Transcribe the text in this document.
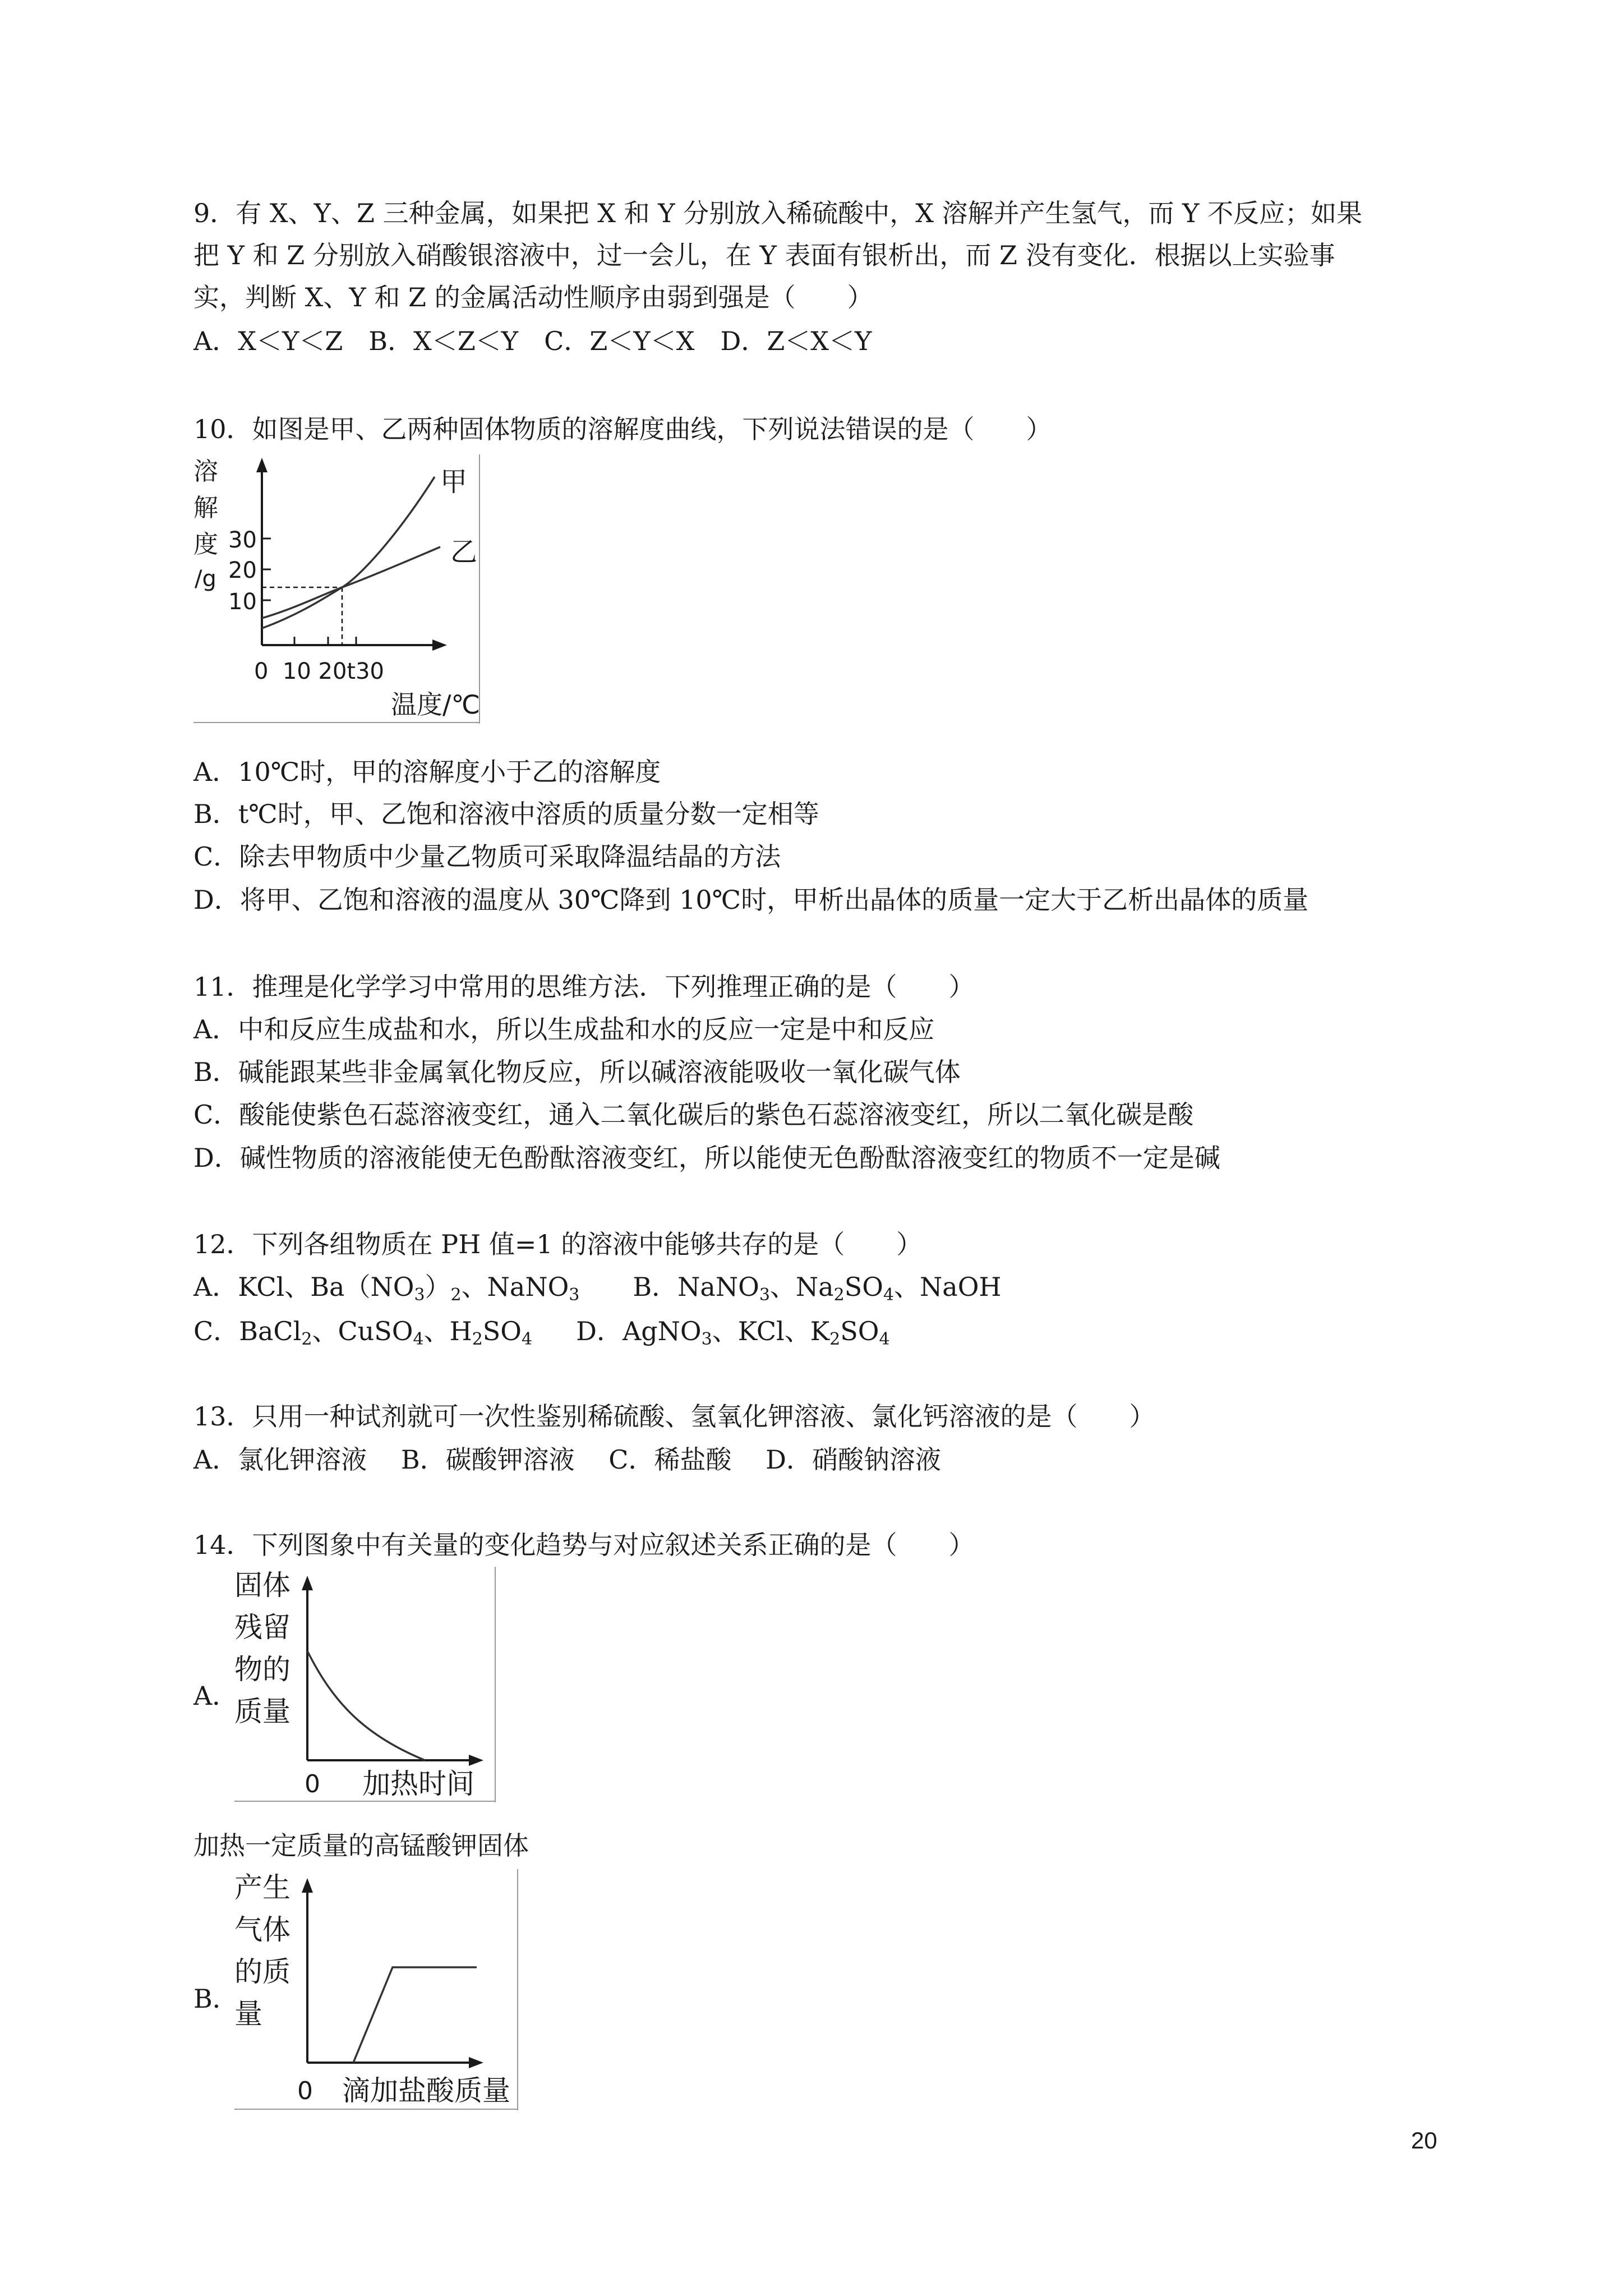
9．有 X、Y、Z 三种金属，如果把 X 和 Y 分别放入稀硫酸中，X 溶解并产生氢气，而 Y 不反应；如果
把 Y 和 Z 分别放入硝酸银溶液中，过一会儿，在 Y 表面有银析出，而 Z 没有变化．根据以上实验事
实，判断 X、Y 和 Z 的金属活动性顺序由弱到强是（　　）
A．X＜Y＜Z　B．X＜Z＜Y　C．Z＜Y＜X　D．Z＜X＜Y
10．如图是甲、乙两种固体物质的溶解度曲线，下列说法错误的是（　　）
溶
解
度
/g
30
20
10
0  10 20t30
温度/℃
甲
乙
A．10℃时，甲的溶解度小于乙的溶解度
B．t℃时，甲、乙饱和溶液中溶质的质量分数一定相等
C．除去甲物质中少量乙物质可采取降温结晶的方法
D．将甲、乙饱和溶液的温度从 30℃降到 10℃时，甲析出晶体的质量一定大于乙析出晶体的质量
11．推理是化学学习中常用的思维方法．下列推理正确的是（　　）
A．中和反应生成盐和水，所以生成盐和水的反应一定是中和反应
B．碱能跟某些非金属氧化物反应，所以碱溶液能吸收一氧化碳气体
C．酸能使紫色石蕊溶液变红，通入二氧化碳后的紫色石蕊溶液变红，所以二氧化碳是酸
D．碱性物质的溶液能使无色酚酞溶液变红，所以能使无色酚酞溶液变红的物质不一定是碱
12．下列各组物质在 PH 值=1 的溶液中能够共存的是（　　）
A．KCl、$Ba(NO_3)_2$、NaNO$_3$ B．NaNO$_3$、$Na_2SO_4$、NaOH
C．BaCl$_2$、CuSO$_4$、$H_2SO_4$ D．AgNO$_3$、KCl、$K_2SO_4$
13．只用一种试剂就可一次性鉴别稀硫酸、氢氧化钾溶液、氯化钙溶液的是（　　）
A．氯化钾溶液　 B．碳酸钾溶液　 C．稀盐酸　 D．硝酸钠溶液
14．下列图象中有关量的变化趋势与对应叙述关系正确的是（　　）
A．
固体
残留
物的
质量
0 加热时间
加热一定质量的高锰酸钾固体
B．
产生
气体
的质
量
0 滴加盐酸质量
20
